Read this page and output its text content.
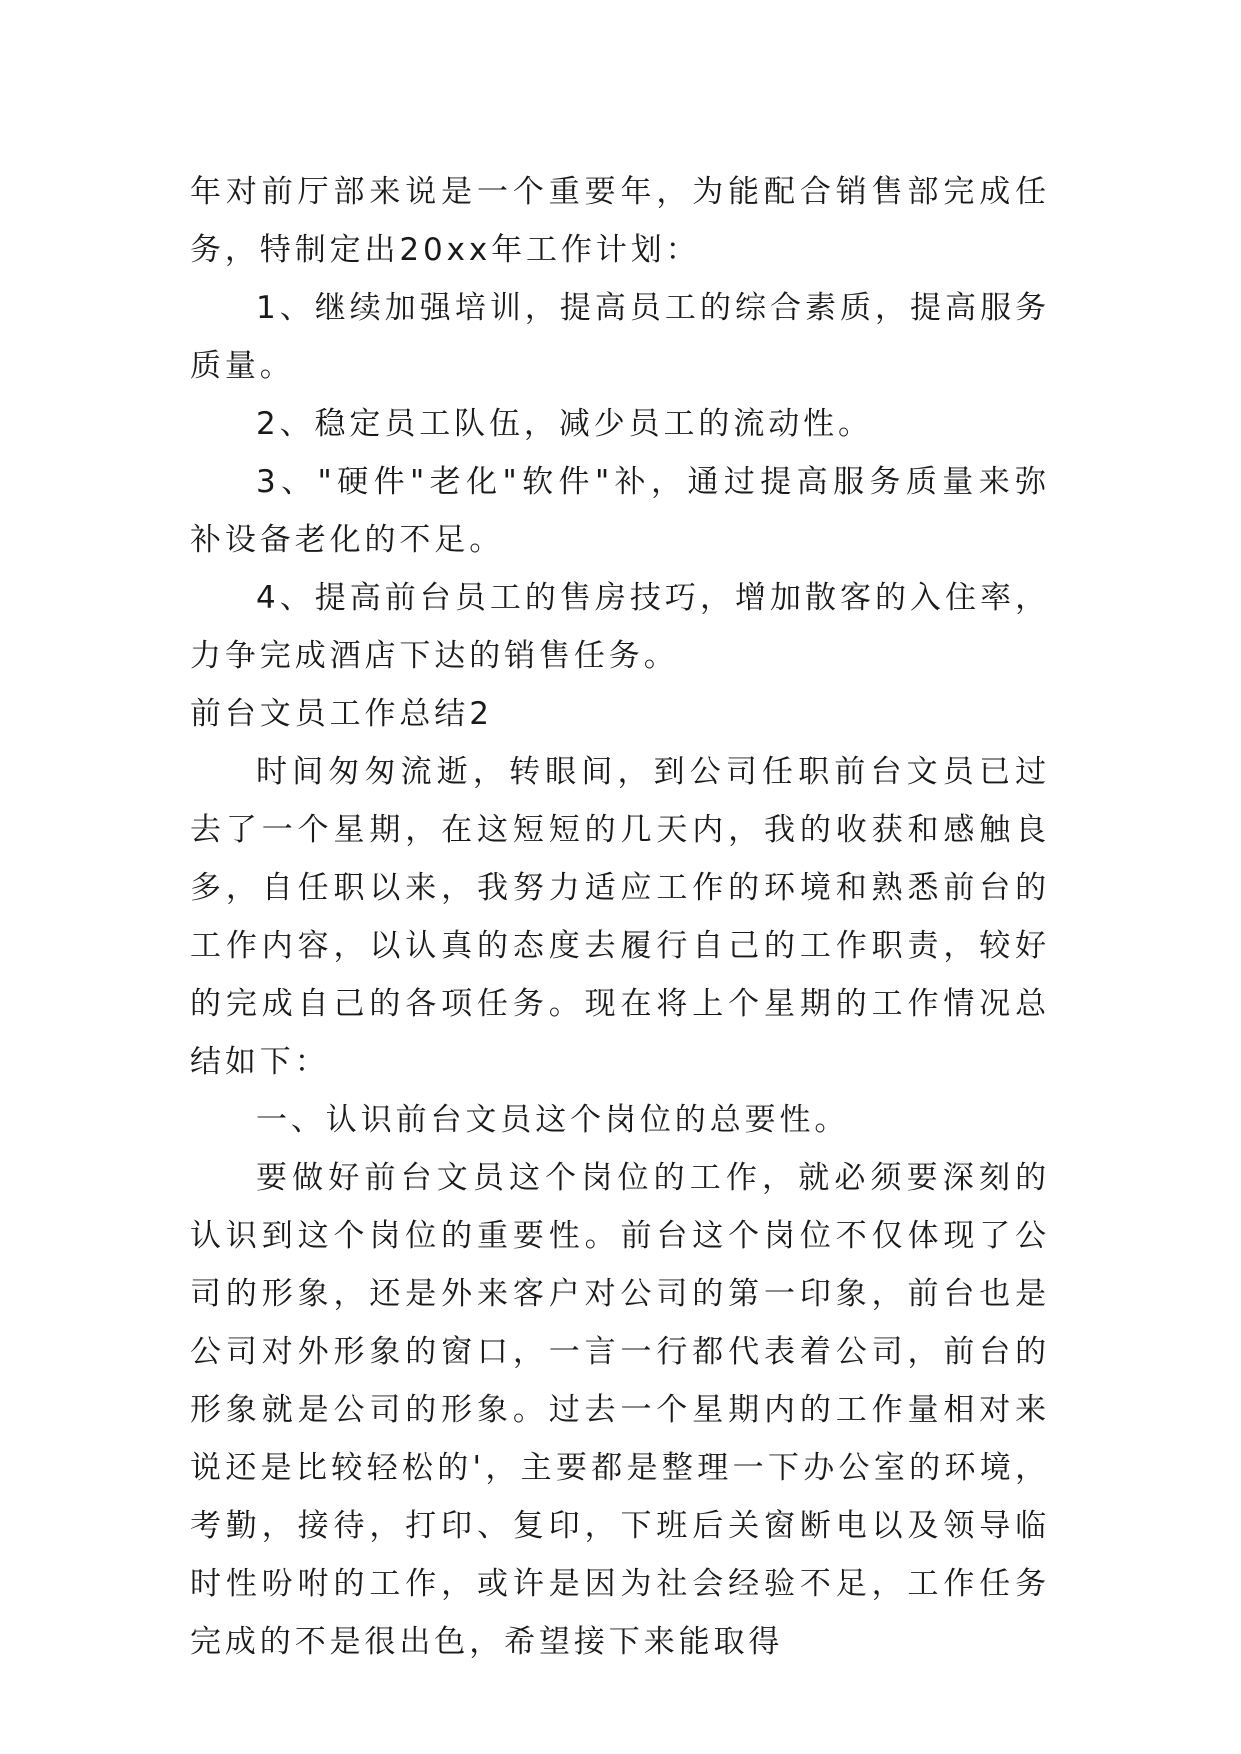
年对前厅部来说是一个重要年，为能配合销售部完成任务，特制定出20xx年工作计划：

1、继续加强培训，提高员工的综合素质，提高服务质量。

2、稳定员工队伍，减少员工的流动性。

3、"硬件"老化"软件"补，通过提高服务质量来弥补设备老化的不足。

4、提高前台员工的售房技巧，增加散客的入住率，力争完成酒店下达的销售任务。

前台文员工作总结2

时间匆匆流逝，转眼间，到公司任职前台文员已过去了一个星期，在这短短的几天内，我的收获和感触良多，自任职以来，我努力适应工作的环境和熟悉前台的工作内容，以认真的态度去履行自己的工作职责，较好的完成自己的各项任务。现在将上个星期的工作情况总结如下：

一、认识前台文员这个岗位的总要性。

要做好前台文员这个岗位的工作，就必须要深刻的认识到这个岗位的重要性。前台这个岗位不仅体现了公司的形象，还是外来客户对公司的第一印象，前台也是公司对外形象的窗口，一言一行都代表着公司，前台的形象就是公司的形象。过去一个星期内的工作量相对来说还是比较轻松的'，主要都是整理一下办公室的环境，考勤，接待，打印、复印，下班后关窗断电以及领导临时性吩咐的工作，或许是因为社会经验不足，工作任务完成的不是很出色，希望接下来能取得
